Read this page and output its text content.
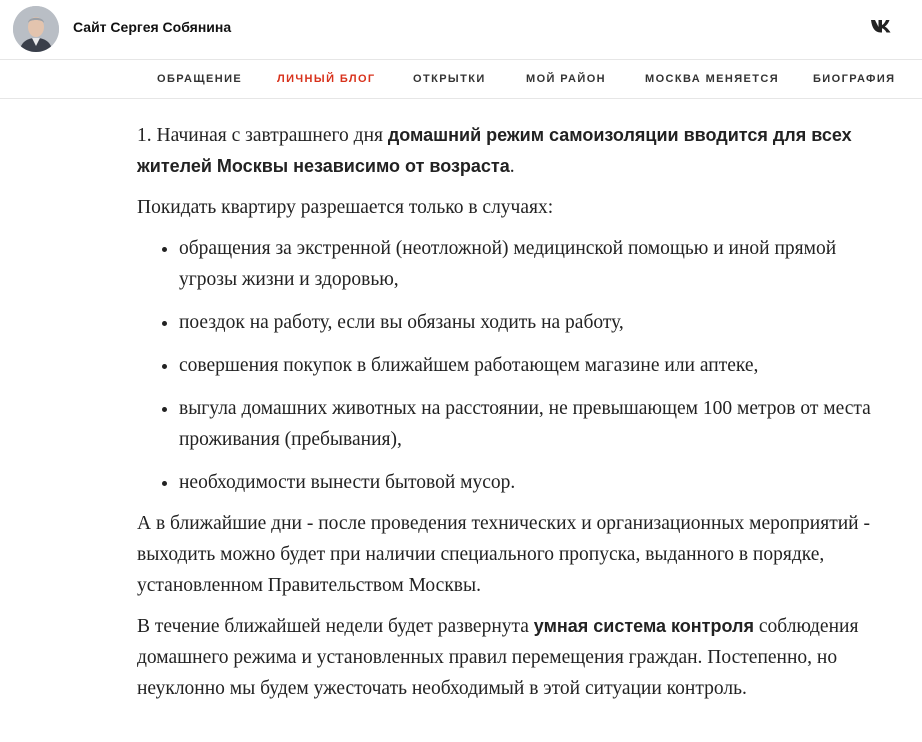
Сайт Сергея Собянина
ОБРАЩЕНИЕ	ЛИЧНЫЙ БЛОГ	ОТКРЫТКИ	МОЙ РАЙОН	МОСКВА МЕНЯЕТСЯ	БИОГРАФИЯ

1. Начиная с завтрашнего дня домашний режим самоизоляции вводится для всех жителей Москвы независимо от возраста.

Покидать квартиру разрешается только в случаях:

• обращения за экстренной (неотложной) медицинской помощью и иной прямой угрозы жизни и здоровью,
• поездок на работу, если вы обязаны ходить на работу,
• совершения покупок в ближайшем работающем магазине или аптеке,
• выгула домашних животных на расстоянии, не превышающем 100 метров от места проживания (пребывания),
• необходимости вынести бытовой мусор.

А в ближайшие дни - после проведения технических и организационных мероприятий - выходить можно будет при наличии специального пропуска, выданного в порядке, установленном Правительством Москвы.

В течение ближайшей недели будет развернута умная система контроля соблюдения домашнего режима и установленных правил перемещения граждан. Постепенно, но неуклонно мы будем ужесточать необходимый в этой ситуации контроль.
